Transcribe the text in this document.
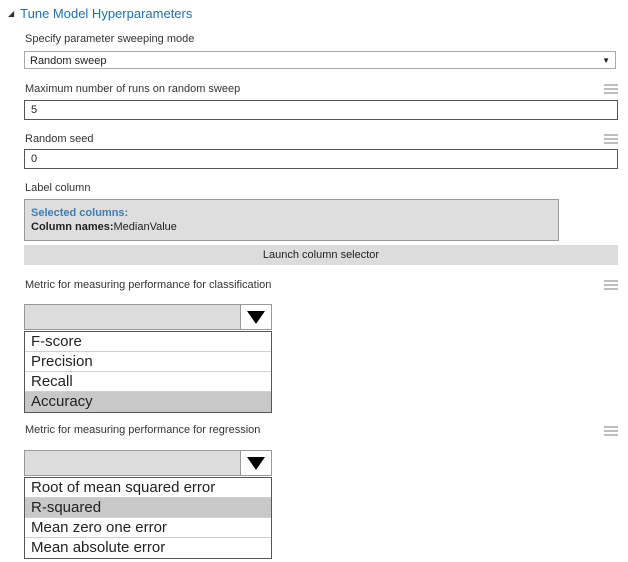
◢ Tune Model Hyperparameters
Specify parameter sweeping mode
Random sweep	▼
Maximum number of runs on random sweep
5
Random seed
0
Label column
Selected columns:
Column names:MedianValue
Launch column selector
Metric for measuring performance for classification
F-score
Precision
Recall
Accuracy
Metric for measuring performance for regression
Root of mean squared error
R-squared
Mean zero one error
Mean absolute error
